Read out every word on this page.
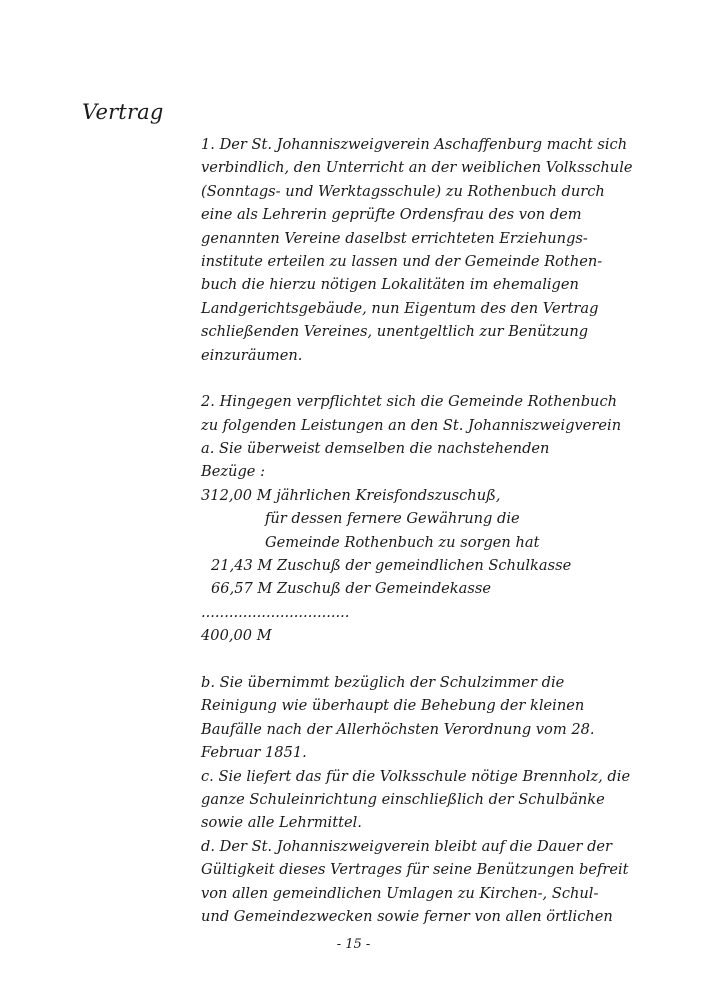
Vertrag
1. Der St. Johanniszweigverein Aschaffenburg macht sich
verbindlich, den Unterricht an der weiblichen Volksschule
(Sonntags- und Werktagsschule) zu Rothenbuch durch
eine als Lehrerin geprüfte Ordensfrau des von dem
genannten Vereine daselbst errichteten Erziehungs-
institute erteilen zu lassen und der Gemeinde Rothen-
buch die hierzu nötigen Lokalitäten im ehemaligen
Landgerichtsgebäude, nun Eigentum des den Vertrag
schließenden Vereines, unentgeltlich zur Benützung
einzuräumen.
2. Hingegen verpflichtet sich die Gemeinde Rothenbuch
zu folgenden Leistungen an den St. Johanniszweigverein
a. Sie überweist demselben die nachstehenden
Bezüge :
312,00 M jährlichen Kreisfondszuschuß,
für dessen fernere Gewährung die
Gemeinde Rothenbuch zu sorgen hat
21,43 M Zuschuß der gemeindlichen Schulkasse
66,57 M Zuschuß der Gemeindekasse
................................
400,00 M
b. Sie übernimmt bezüglich der Schulzimmer die
Reinigung wie überhaupt die Behebung der kleinen
Baufälle nach der Allerhöchsten Verordnung vom 28.
Februar 1851.
c. Sie liefert das für die Volksschule nötige Brennholz, die
ganze Schuleinrichtung einschließlich der Schulbänke
sowie alle Lehrmittel.
d. Der St. Johanniszweigverein bleibt auf die Dauer der
Gültigkeit dieses Vertrages für seine Benützungen befreit
von allen gemeindlichen Umlagen zu Kirchen-, Schul-
und Gemeindezwecken sowie ferner von allen örtlichen
- 15 -
